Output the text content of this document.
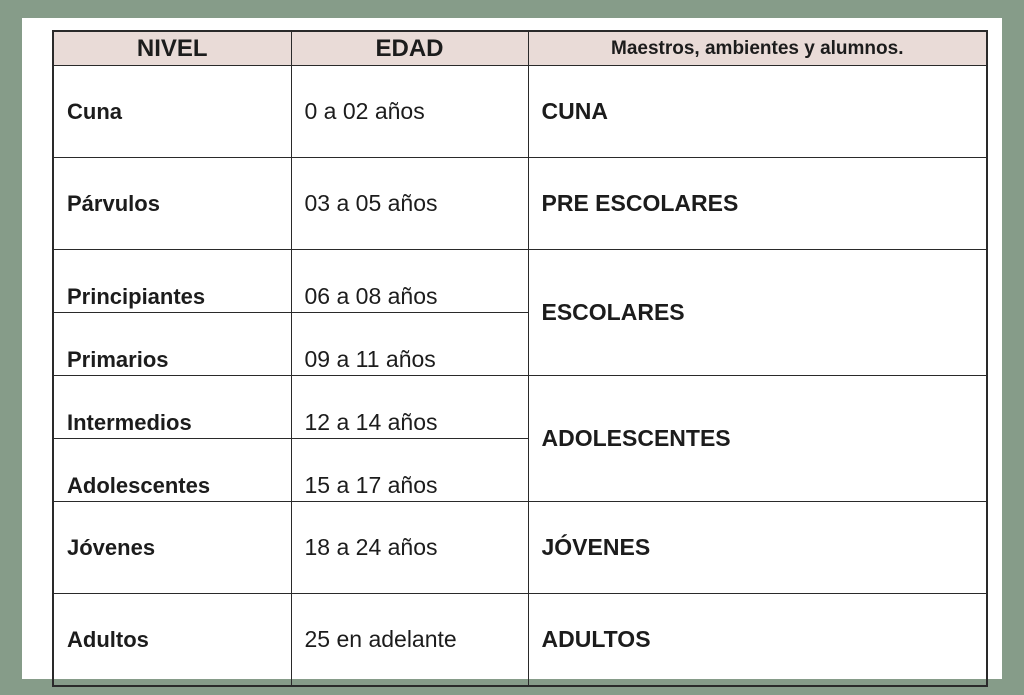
NIVEL	EDAD	Maestros, ambientes y alumnos.
Cuna	0 a 02 años	CUNA
Párvulos	03 a 05 años	PRE ESCOLARES
Principiantes	06 a 08 años	ESCOLARES
Primarios	09 a 11 años	
Intermedios	12 a 14 años	ADOLESCENTES
Adolescentes	15 a 17 años	
Jóvenes	18 a 24 años	JÓVENES
Adultos	25 en adelante	ADULTOS
